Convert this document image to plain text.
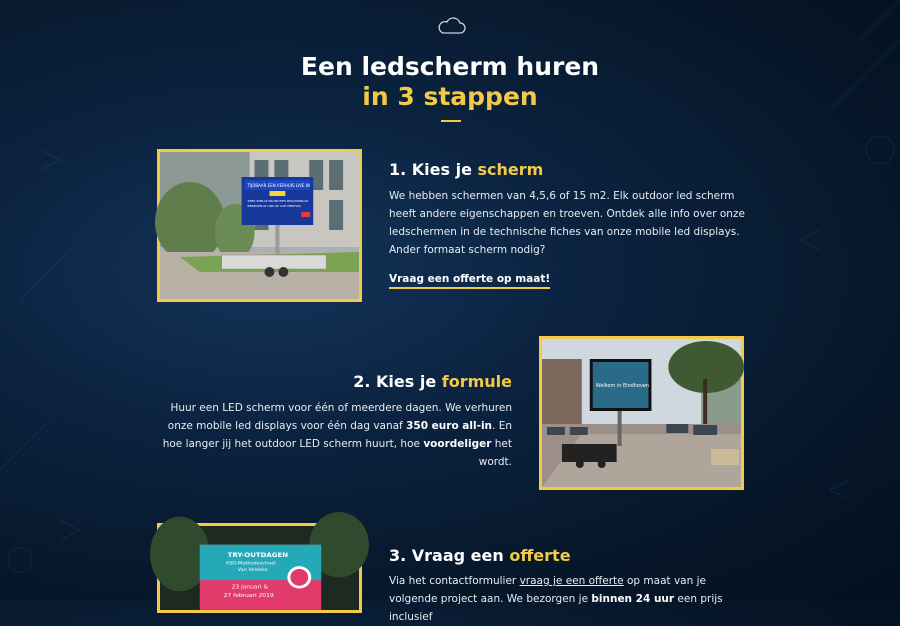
Een ledscherm huren
in 3 stappen
TIJDBAAR EEN VERHUIS LIVE.IN
ZEER SNELLE PROMOTIES BESCHIKBAAR
BEREIKEN IN ONS OP LIVE.MMEHAN
1. Kies je scherm

We hebben schermen van 4,5,6 of 15 m2. Elk outdoor led scherm heeft andere eigenschappen en troeven. Ontdek alle info over onze ledschermen in de technische fiches van onze mobile led displays. Ander formaat scherm nodig?

Vraag een offerte op maat!
2. Kies je formule

Huur een LED scherm voor één of meerdere dagen. We verhuren onze mobile led displays voor één dag vanaf 350 euro all-in. En hoe langer jij het outdoor LED scherm huurt, hoe voordeliger het wordt.

Welkom in Eindhoven
TRY-OUTDAGEN
ASO-Methodeschool
Van Veldeke
23 januari &
27 februari 2019
3. Vraag een offerte

Via het contactformulier vraag je een offerte op maat van je volgende project aan. We bezorgen je binnen 24 uur een prijs inclusief
